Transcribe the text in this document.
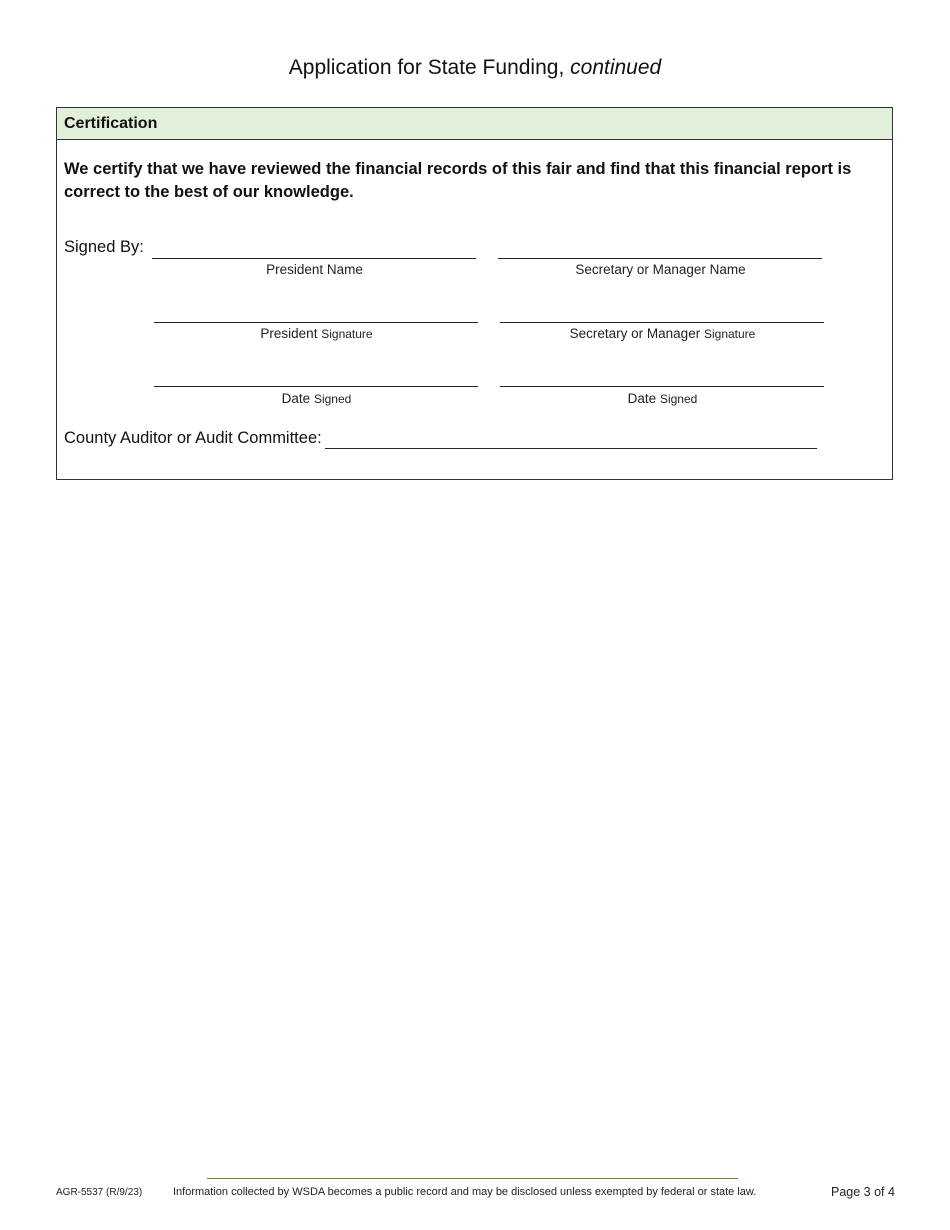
Application for State Funding, continued
Certification
We certify that we have reviewed the financial records of this fair and find that this financial report is correct to the best of our knowledge.
Signed By:
President Name	Secretary or Manager Name
President Signature	Secretary or Manager Signature
Date Signed	Date Signed
County Auditor or Audit Committee:
AGR-5537 (R/9/23)	Information collected by WSDA becomes a public record and may be disclosed unless exempted by federal or state law.	Page 3 of 4
